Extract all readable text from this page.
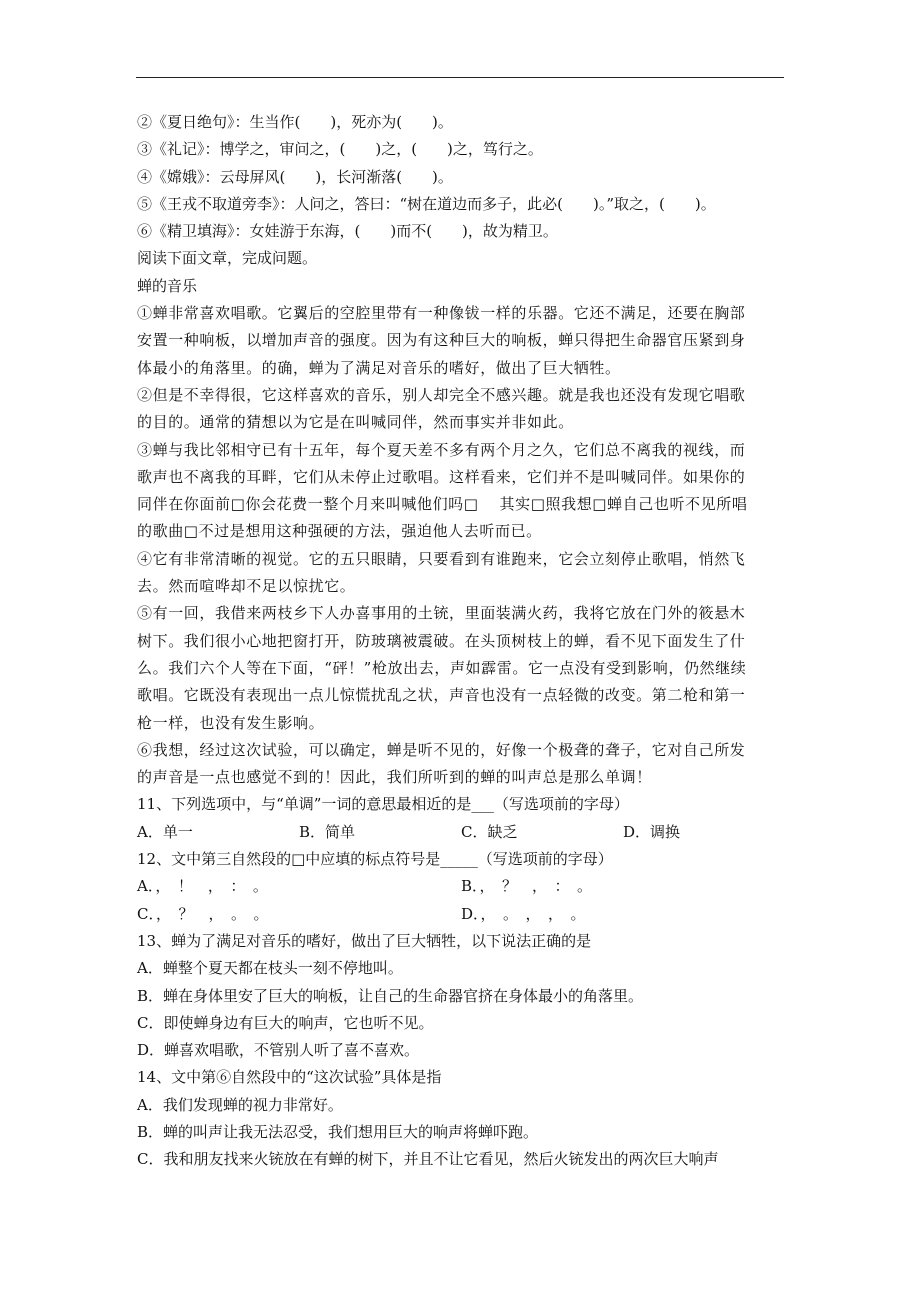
②《夏日绝句》：生当作(　　)，死亦为(　　)。
③《礼记》：博学之，审问之，(　　)之，(　　)之，笃行之。
④《嫦娥》：云母屏风(　　)，长河渐落(　　)。
⑤《王戎不取道旁李》：人问之，答曰：“树在道边而多子，此必(　　)。”取之，(　　)。
⑥《精卫填海》：女娃游于东海，(　　)而不(　　)，故为精卫。
阅读下面文章，完成问题。
蝉的音乐
①蝉非常喜欢唱歌。它翼后的空腔里带有一种像钹一样的乐器。它还不满足，还要在胸部
安置一种响板，以增加声音的强度。因为有这种巨大的响板，蝉只得把生命器官压紧到身
体最小的角落里。的确，蝉为了满足对音乐的嗜好，做出了巨大牺牲。
②但是不幸得很，它这样喜欢的音乐，别人却完全不感兴趣。就是我也还没有发现它唱歌
的目的。通常的猜想以为它是在叫喊同伴，然而事实并非如此。
③蝉与我比邻相守已有十五年，每个夏天差不多有两个月之久，它们总不离我的视线，而
歌声也不离我的耳畔，它们从未停止过歌唱。这样看来，它们并不是叫喊同伴。如果你的
同伴在你面前□你会花费一整个月来叫喊他们吗□　 其实□照我想□蝉自己也听不见所唱
的歌曲□不过是想用这种强硬的方法，强迫他人去听而已。
④它有非常清晰的视觉。它的五只眼睛，只要看到有谁跑来，它会立刻停止歌唱，悄然飞
去。然而喧哗却不足以惊扰它。
⑤有一回，我借来两枝乡下人办喜事用的土铳，里面装满火药，我将它放在门外的筱悬木
树下。我们很小心地把窗打开，防玻璃被震破。在头顶树枝上的蝉，看不见下面发生了什
么。我们六个人等在下面，“砰！”枪放出去，声如霹雷。它一点没有受到影响，仍然继续
歌唱。它既没有表现出一点儿惊慌扰乱之状，声音也没有一点轻微的改变。第二枪和第一
枪一样，也没有发生影响。
⑥我想，经过这次试验，可以确定，蝉是听不见的，好像一个极聋的聋子，它对自己所发
的声音是一点也感觉不到的！因此，我们所听到的蝉的叫声总是那么单调！
11、下列选项中，与“单调”一词的意思最相近的是___（写选项前的字母）
A．单一	B．简单	C．缺乏	D．调换
12、文中第三自然段的□中应填的标点符号是_____（写选项前的字母）
A．，　！　，　：　。	B．，　？　，　：　。
C．，　？　，　。　。	D．，　。　，　，　。
13、蝉为了满足对音乐的嗜好，做出了巨大牺牲，以下说法正确的是
A．蝉整个夏天都在枝头一刻不停地叫。
B．蝉在身体里安了巨大的响板，让自己的生命器官挤在身体最小的角落里。
C．即使蝉身边有巨大的响声，它也听不见。
D．蝉喜欢唱歌，不管别人听了喜不喜欢。
14、文中第⑥自然段中的“这次试验”具体是指
A．我们发现蝉的视力非常好。
B．蝉的叫声让我无法忍受，我们想用巨大的响声将蝉吓跑。
C．我和朋友找来火铳放在有蝉的树下，并且不让它看见，然后火铳发出的两次巨大响声
